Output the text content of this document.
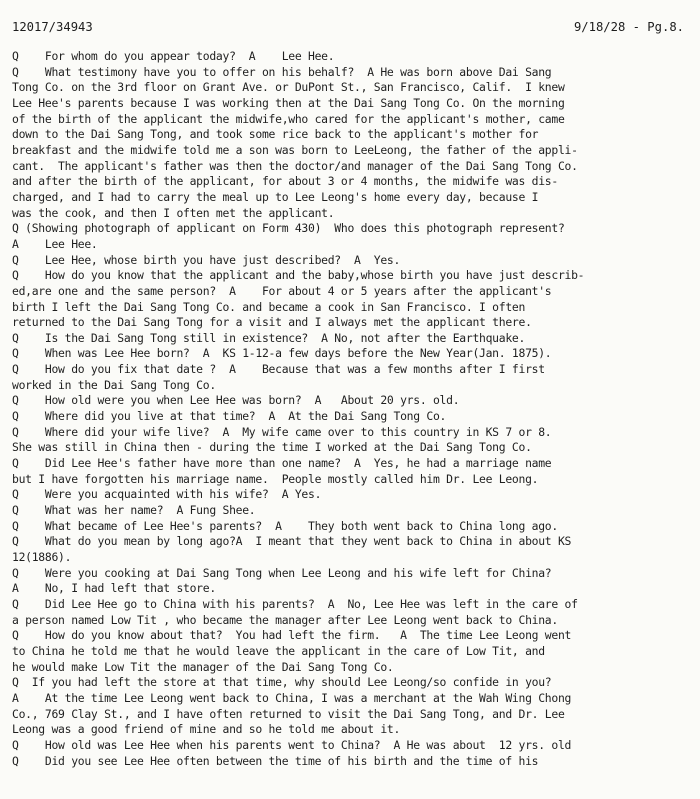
12017/34943	9/18/28 - Pg.8.
Q    For whom do you appear today?  A    Lee Hee.
Q    What testimony have you to offer on his behalf?  A He was born above Dai Sang
Tong Co. on the 3rd floor on Grant Ave. or DuPont St., San Francisco, Calif.  I knew
Lee Hee's parents because I was working then at the Dai Sang Tong Co. On the morning
of the birth of the applicant the midwife,who cared for the applicant's mother, came
down to the Dai Sang Tong, and took some rice back to the applicant's mother for
breakfast and the midwife told me a son was born to LeeLeong, the father of the appli-
cant.  The applicant's father was then the doctor/and manager of the Dai Sang Tong Co.
and after the birth of the applicant, for about 3 or 4 months, the midwife was dis-
charged, and I had to carry the meal up to Lee Leong's home every day, because I
was the cook, and then I often met the applicant.
Q (Showing photograph of applicant on Form 430)  Who does this photograph represent?
A    Lee Hee.
Q    Lee Hee, whose birth you have just described?  A  Yes.
Q    How do you know that the applicant and the baby,whose birth you have just describ-
ed,are one and the same person?  A    For about 4 or 5 years after the applicant's
birth I left the Dai Sang Tong Co. and became a cook in San Francisco. I often
returned to the Dai Sang Tong for a visit and I always met the applicant there.
Q    Is the Dai Sang Tong still in existence?  A No, not after the Earthquake.
Q    When was Lee Hee born?  A  KS 1-12-a few days before the New Year(Jan. 1875).
Q    How do you fix that date ?  A    Because that was a few months after I first
worked in the Dai Sang Tong Co.
Q    How old were you when Lee Hee was born?  A   About 20 yrs. old.
Q    Where did you live at that time?  A  At the Dai Sang Tong Co.
Q    Where did your wife live?  A  My wife came over to this country in KS 7 or 8.
She was still in China then - during the time I worked at the Dai Sang Tong Co.
Q    Did Lee Hee's father have more than one name?  A  Yes, he had a marriage name
but I have forgotten his marriage name.  People mostly called him Dr. Lee Leong.
Q    Were you acquainted with his wife?  A Yes.
Q    What was her name?  A Fung Shee.
Q    What became of Lee Hee's parents?  A    They both went back to China long ago.
Q    What do you mean by long ago?A  I meant that they went back to China in about KS
12(1886).
Q    Were you cooking at Dai Sang Tong when Lee Leong and his wife left for China?
A    No, I had left that store.
Q    Did Lee Hee go to China with his parents?  A  No, Lee Hee was left in the care of
a person named Low Tit , who became the manager after Lee Leong went back to China.
Q    How do you know about that?  You had left the firm.   A  The time Lee Leong went
to China he told me that he would leave the applicant in the care of Low Tit, and
he would make Low Tit the manager of the Dai Sang Tong Co.
Q  If you had left the store at that time, why should Lee Leong/so confide in you?
A    At the time Lee Leong went back to China, I was a merchant at the Wah Wing Chong
Co., 769 Clay St., and I have often returned to visit the Dai Sang Tong, and Dr. Lee
Leong was a good friend of mine and so he told me about it.
Q    How old was Lee Hee when his parents went to China?  A He was about  12 yrs. old
Q    Did you see Lee Hee often between the time of his birth and the time of his
